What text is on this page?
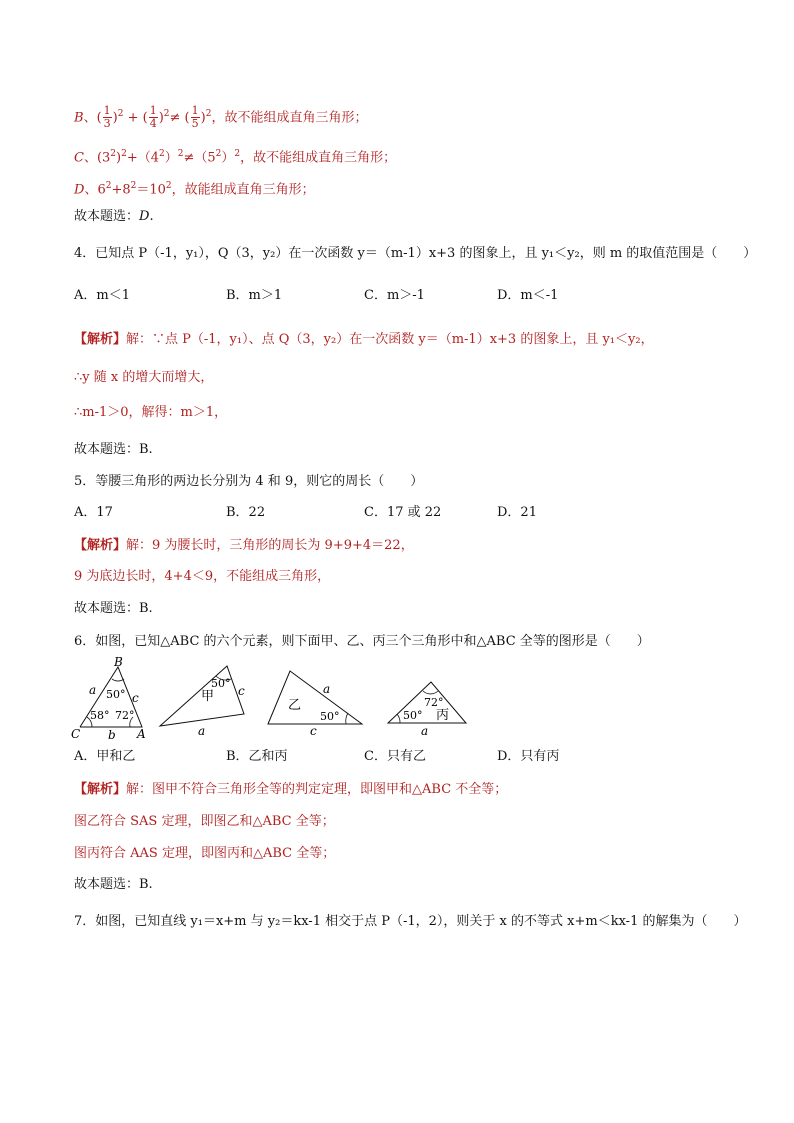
B、( $\frac{1}{3} )^2$ + ( $\frac{1}{4} )^2\ne$ ( $\frac{1}{5} )^2$，故不能组成直角三角形；
C、$(3^2)^2+(4^2)^2\ne(5^2)^2$，故不能组成直角三角形；
D、$6^2+8^2=10^2$，故能组成直角三角形；
故本题选：D.
4．已知点 P（-1，y₁），Q（3，y₂）在一次函数 y＝（m-1）x+3 的图象上，且 y₁＜y₂，则 m 的取值范围是（　　）
A．m＜1	B．m＞1	C．m＞-1	D．m＜-1
【解析】解：∵点 P（-1，y₁）、点 Q（3，y₂）在一次函数 y＝（m-1）x+3 的图象上，且 y₁＜y₂，
∴y 随 x 的增大而增大，
∴m-1＞0，解得：m＞1，
故本题选：B.
5．等腰三角形的两边长分别为 4 和 9，则它的周长（　　）
A．17	B．22	C．17 或 22	D．21
【解析】解：9 为腰长时，三角形的周长为 9+9+4＝22，
9 为底边长时，4+4＜9，不能组成三角形，
故本题选：B.
6．如图，已知△ABC 的六个元素，则下面甲、乙、丙三个三角形中和△ABC 全等的图形是（　　）
B
C	A
a
b
c
50°
58° 72°
甲
50°
c
a
乙
a
50°
c
72°
50° 丙
a
A．甲和乙	B．乙和丙	C．只有乙	D．只有丙
【解析】解：图甲不符合三角形全等的判定定理，即图甲和△ABC 不全等；
图乙符合 SAS 定理，即图乙和△ABC 全等；
图丙符合 AAS 定理，即图丙和△ABC 全等；
故本题选：B.
7．如图，已知直线 y₁＝x+m 与 y₂＝kx-1 相交于点 P（-1，2），则关于 x 的不等式 x+m＜kx-1 的解集为（　　）
